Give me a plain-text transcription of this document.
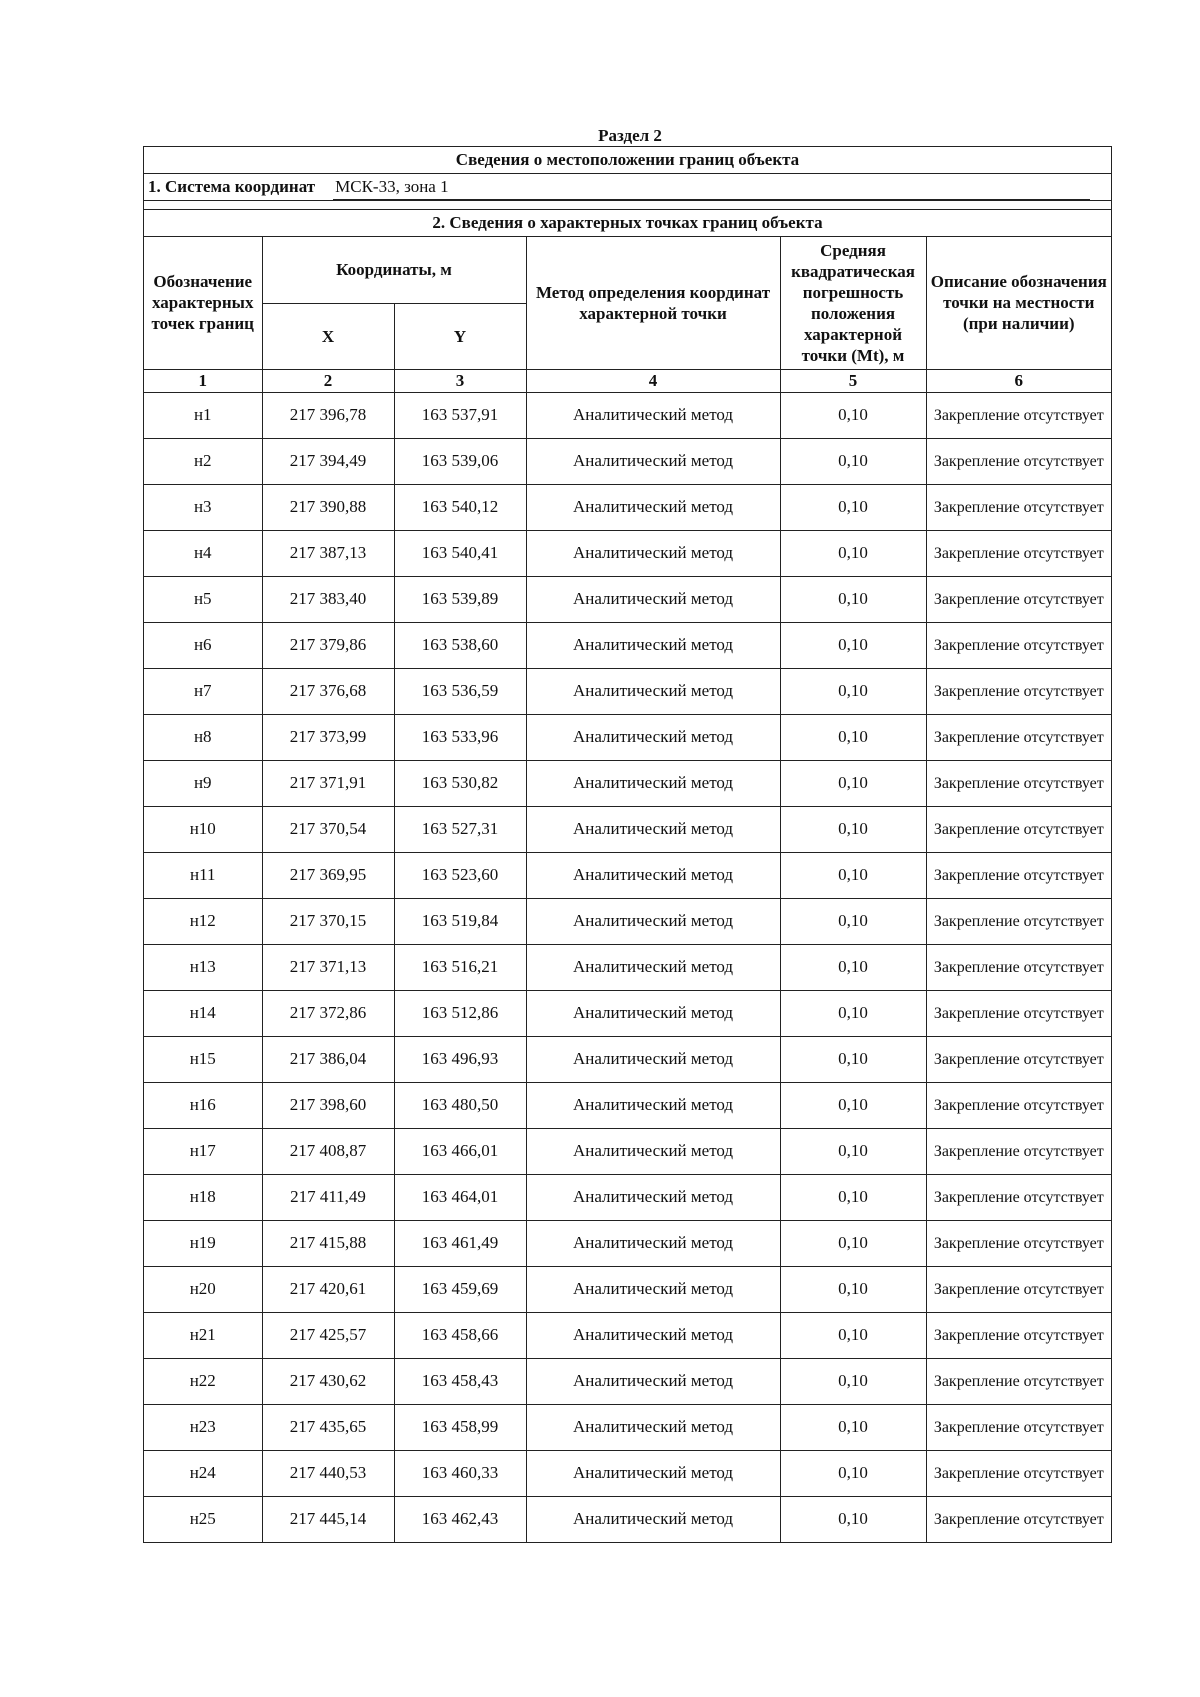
Раздел 2
Сведения о местоположении границ объекта
1. Система координат МСК-33, зона 1
2. Сведения о характерных точках границ объекта
Обозначение характерных точек границ	Координаты, м		Метод определения координат характерной точки	Средняя квадратическая погрешность положения характерной точки (Mt), м	Описание обозначения точки на местности (при наличии)
	X	Y			
1	2	3	4	5	6
н1	217 396,78	163 537,91	Аналитический метод	0,10	Закрепление отсутствует
н2	217 394,49	163 539,06	Аналитический метод	0,10	Закрепление отсутствует
н3	217 390,88	163 540,12	Аналитический метод	0,10	Закрепление отсутствует
н4	217 387,13	163 540,41	Аналитический метод	0,10	Закрепление отсутствует
н5	217 383,40	163 539,89	Аналитический метод	0,10	Закрепление отсутствует
н6	217 379,86	163 538,60	Аналитический метод	0,10	Закрепление отсутствует
н7	217 376,68	163 536,59	Аналитический метод	0,10	Закрепление отсутствует
н8	217 373,99	163 533,96	Аналитический метод	0,10	Закрепление отсутствует
н9	217 371,91	163 530,82	Аналитический метод	0,10	Закрепление отсутствует
н10	217 370,54	163 527,31	Аналитический метод	0,10	Закрепление отсутствует
н11	217 369,95	163 523,60	Аналитический метод	0,10	Закрепление отсутствует
н12	217 370,15	163 519,84	Аналитический метод	0,10	Закрепление отсутствует
н13	217 371,13	163 516,21	Аналитический метод	0,10	Закрепление отсутствует
н14	217 372,86	163 512,86	Аналитический метод	0,10	Закрепление отсутствует
н15	217 386,04	163 496,93	Аналитический метод	0,10	Закрепление отсутствует
н16	217 398,60	163 480,50	Аналитический метод	0,10	Закрепление отсутствует
н17	217 408,87	163 466,01	Аналитический метод	0,10	Закрепление отсутствует
н18	217 411,49	163 464,01	Аналитический метод	0,10	Закрепление отсутствует
н19	217 415,88	163 461,49	Аналитический метод	0,10	Закрепление отсутствует
н20	217 420,61	163 459,69	Аналитический метод	0,10	Закрепление отсутствует
н21	217 425,57	163 458,66	Аналитический метод	0,10	Закрепление отсутствует
н22	217 430,62	163 458,43	Аналитический метод	0,10	Закрепление отсутствует
н23	217 435,65	163 458,99	Аналитический метод	0,10	Закрепление отсутствует
н24	217 440,53	163 460,33	Аналитический метод	0,10	Закрепление отсутствует
н25	217 445,14	163 462,43	Аналитический метод	0,10	Закрепление отсутствует
